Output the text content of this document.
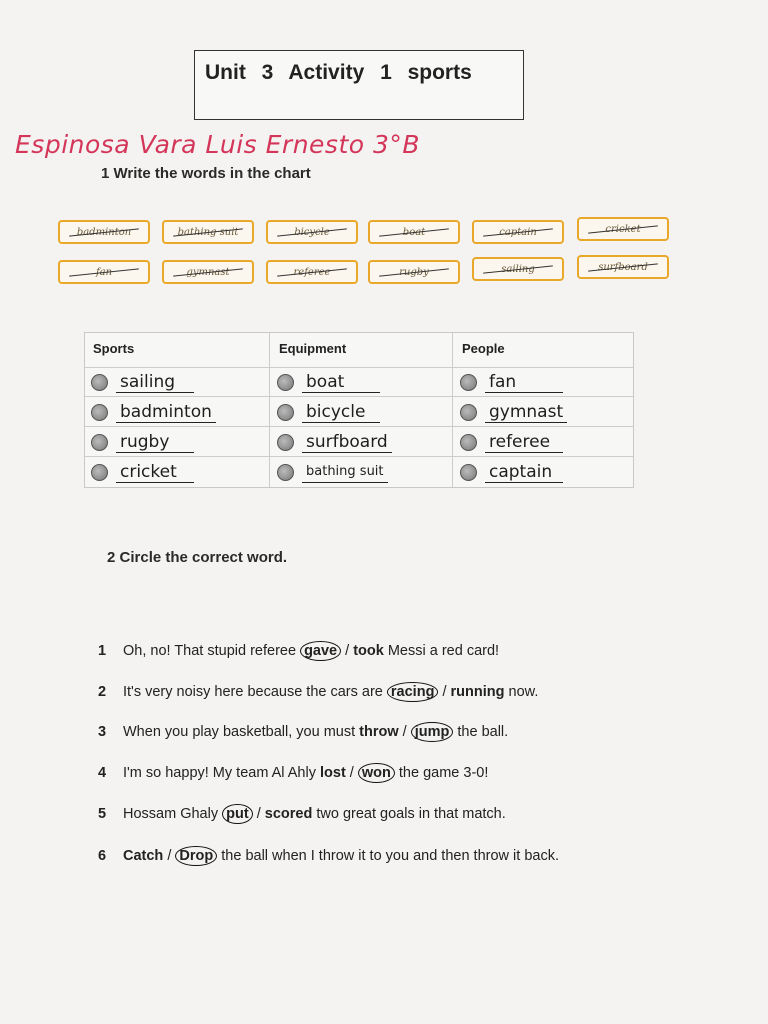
Unit 3 Activity 1 sports
Espinosa Vara Luis Ernesto 3°B
1 Write the words in the chart
badminton	bathing suit	bicycle	boat	captain	cricket
fan	gymnast	referee	rugby	sailing	surfboard
Sports	Equipment	People
sailing	boat	fan
badminton	bicycle	gymnast
rugby	surfboard	referee
cricket	bathing suit	captain
2 Circle the correct word.
1 Oh, no! That stupid referee gave / took Messi a red card!
2 It's very noisy here because the cars are racing / running now.
3 When you play basketball, you must throw / jump the ball.
4 I'm so happy! My team Al Ahly lost / won the game 3-0!
5 Hossam Ghaly put / scored two great goals in that match.
6 Catch / Drop the ball when I throw it to you and then throw it back.
